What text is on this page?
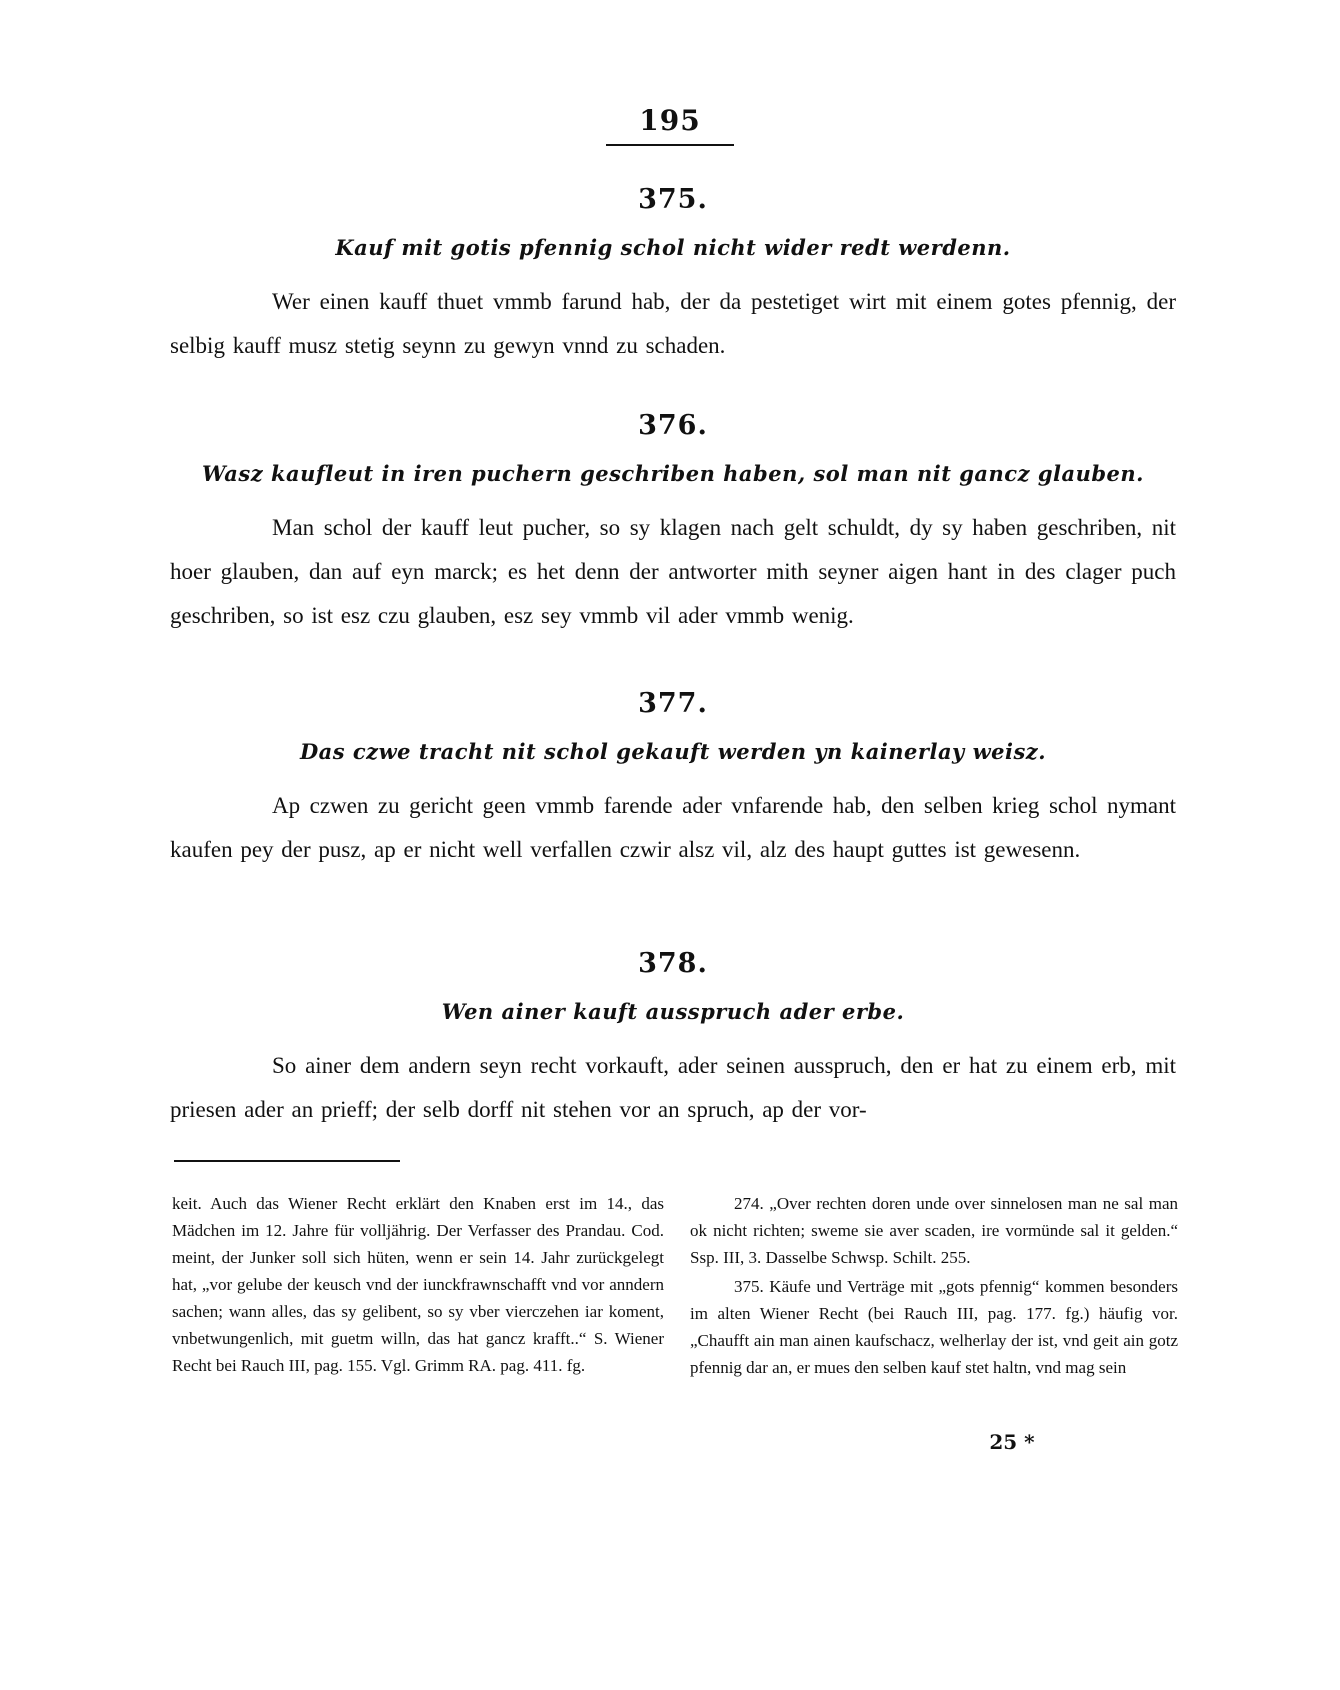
195
375.
Kauf mit gotis pfennig schol nicht wider redt werdenn.

Wer einen kauff thuet vmmb farund hab, der da pestetiget wirt mit einem gotes pfennig, der selbig kauff musz stetig seynn zu gewyn vnnd zu schaden.

376.
Wasz kaufleut in iren puchern geschriben haben, sol man nit gancz glauben.

Man schol der kauff leut pucher, so sy klagen nach gelt schuldt, dy sy haben geschriben, nit hoer glauben, dan auf eyn marck; es het denn der antworter mith seyner aigen hant in des clager puch geschriben, so ist esz czu glauben, esz sey vmmb vil ader vmmb wenig.

377.
Das czwe tracht nit schol gekauft werden yn kainerlay weisz.

Ap czwen zu gericht geen vmmb farende ader vnfarende hab, den selben krieg schol nymant kaufen pey der pusz, ap er nicht well verfallen czwir alsz vil, alz des haupt guttes ist gewesenn.

378.
Wen ainer kauft ausspruch ader erbe.

So ainer dem andern seyn recht vorkauft, ader seinen ausspruch, den er hat zu einem erb, mit priesen ader an prieff; der selb dorff nit stehen vor an spruch, ap der vor-

keit. Auch das Wiener Recht erklärt den Knaben erst im 14., das Mädchen im 12. Jahre für volljährig. Der Verfasser des Prandau. Cod. meint, der Junker soll sich hüten, wenn er sein 14. Jahr zurückgelegt hat, „vor gelube der keusch vnd der iunckfrawnschafft vnd vor anndern sachen; wann alles, das sy gelibent, so sy vber vierczehen iar koment, vnbetwungenlich, mit guetm willn, das hat gancz krafft..“ S. Wiener Recht bei Rauch III, pag. 155. Vgl. Grimm RA. pag. 411. fg.

274. „Over rechten doren unde over sinnelosen man ne sal man ok nicht richten; sweme sie aver scaden, ire vormünde sal it gelden.“ Ssp. III, 3. Dasselbe Schwsp. Schilt. 255.

375. Käufe und Verträge mit „gots pfennig“ kommen besonders im alten Wiener Recht (bei Rauch III, pag. 177. fg.) häufig vor. „Chaufft ain man ainen kaufschacz, welherlay der ist, vnd geit ain gotz pfennig dar an, er mues den selben kauf stet haltn, vnd mag sein

25 *
